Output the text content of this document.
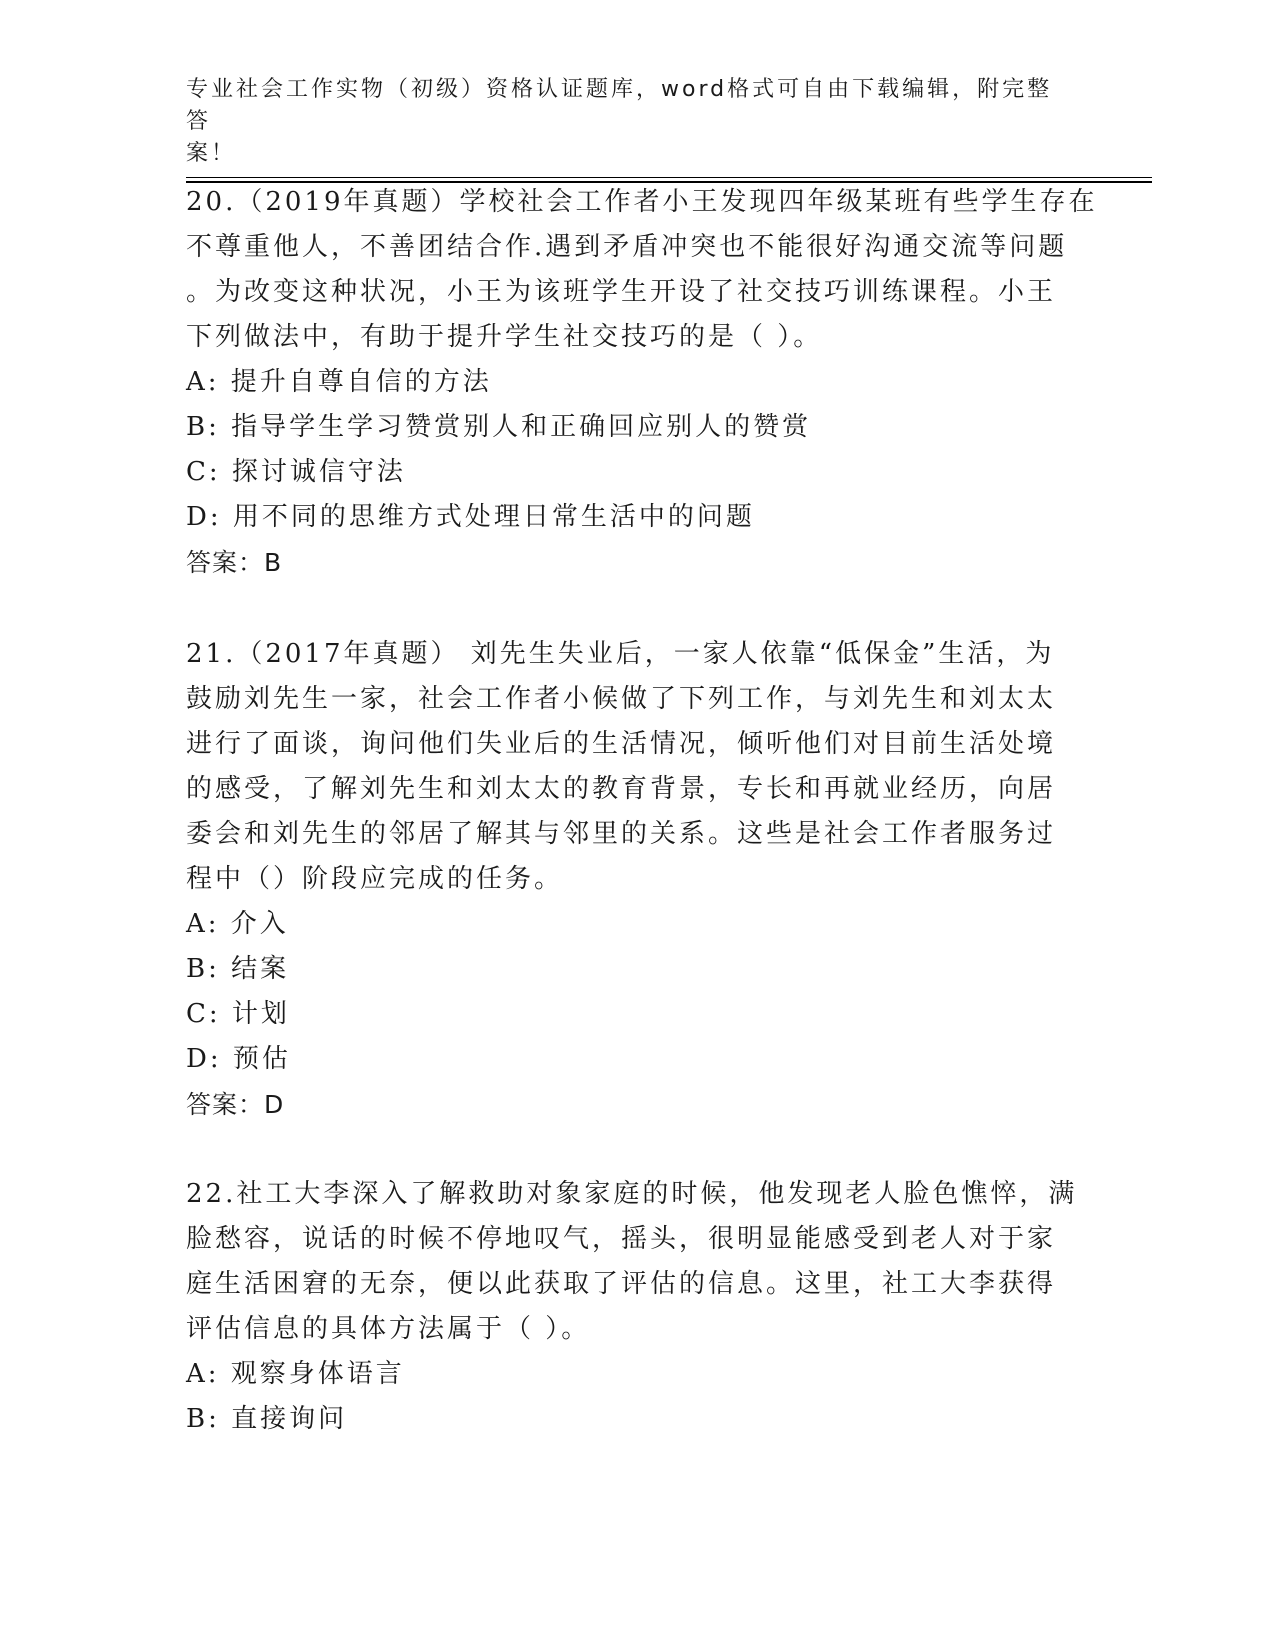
专业社会工作实物（初级）资格认证题库，word格式可自由下载编辑，附完整答
案！
20.（2019年真题）学校社会工作者小王发现四年级某班有些学生存在
不尊重他人，不善团结合作.遇到矛盾冲突也不能很好沟通交流等问题
。为改变这种状况，小王为该班学生开设了社交技巧训练课程。小王
下列做法中，有助于提升学生社交技巧的是（ ）。
A: 提升自尊自信的方法
B: 指导学生学习赞赏别人和正确回应别人的赞赏
C: 探讨诚信守法
D: 用不同的思维方式处理日常生活中的问题
答案：B
21.（2017年真题） 刘先生失业后，一家人依靠“低保金”生活，为
鼓励刘先生一家，社会工作者小候做了下列工作，与刘先生和刘太太
进行了面谈，询问他们失业后的生活情况，倾听他们对目前生活处境
的感受，了解刘先生和刘太太的教育背景，专长和再就业经历，向居
委会和刘先生的邻居了解其与邻里的关系。这些是社会工作者服务过
程中（）阶段应完成的任务。
A: 介入
B: 结案
C: 计划
D: 预估
答案：D
22.社工大李深入了解救助对象家庭的时候，他发现老人脸色憔悴，满
脸愁容，说话的时候不停地叹气，摇头，很明显能感受到老人对于家
庭生活困窘的无奈，便以此获取了评估的信息。这里，社工大李获得
评估信息的具体方法属于（ ）。
A: 观察身体语言
B: 直接询问
